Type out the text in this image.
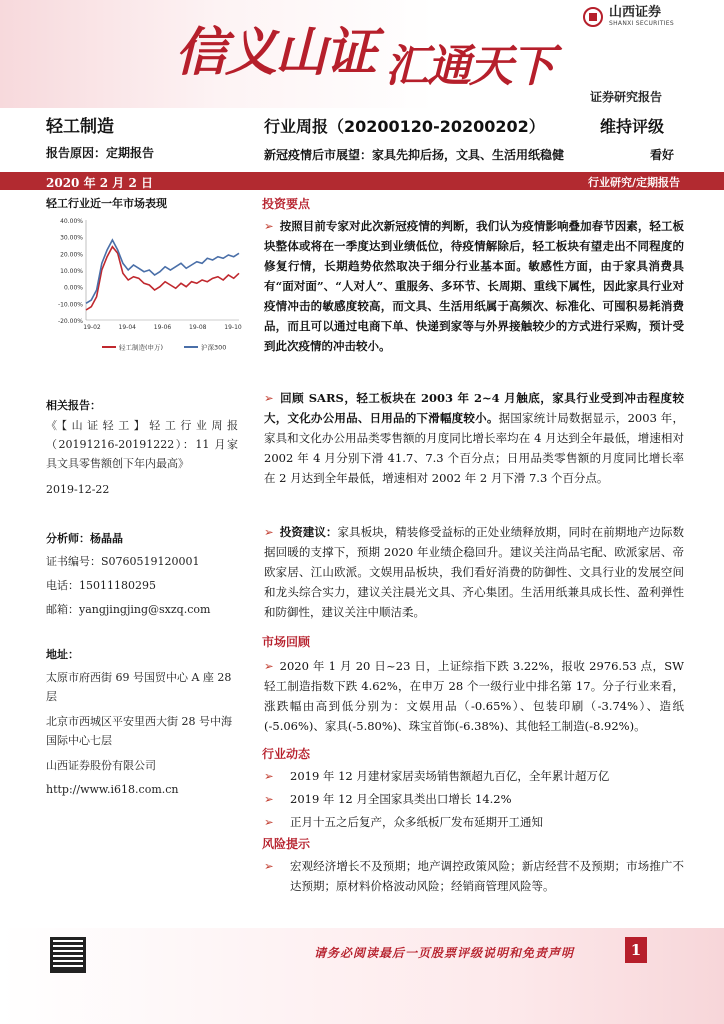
信义山证 汇通天下
山西证券
SHANXI SECURITIES
证券研究报告
轻工制造	行业周报（20200120-20200202）	维持评级
报告原因：定期报告	新冠疫情后市展望：家具先抑后扬，文具、生活用纸稳健	看好
2020 年 2 月 2 日	行业研究/定期报告
轻工行业近一年市场表现
40.00%
30.00%
20.00%
10.00%
0.00%
-10.00%
-20.00%
19-02	19-04	19-06	19-08	19-10
轻工制造(申万)	沪深300
相关报告：
《【山证轻工】轻工行业周报（20191216-20191222）：11 月家具文具零售额创下年内最高》
2019-12-22
分析师：杨晶晶
证书编号：S0760519120001
电话：15011180295
邮箱：yangjingjing@sxzq.com
地址：
太原市府西街 69 号国贸中心 A 座 28 层
北京市西城区平安里西大街 28 号中海国际中心七层
山西证券股份有限公司
http://www.i618.com.cn
投资要点
➢ 按照目前专家对此次新冠疫情的判断，我们认为疫情影响叠加春节因素，轻工板块整体或将在一季度达到业绩低位，待疫情解除后，轻工板块有望走出不同程度的修复行情，长期趋势依然取决于细分行业基本面。敏感性方面，由于家具消费具有“面对面”、“人对人”、重服务、多环节、长周期、重线下属性，因此家具行业对疫情冲击的敏感度较高，而文具、生活用纸属于高频次、标准化、可囤积易耗消费品，而且可以通过电商下单、快递到家等与外界接触较少的方式进行采购，预计受到此次疫情的冲击较小。
➢ 回顾 SARS，轻工板块在 2003 年 2~4 月触底，家具行业受到冲击程度较大，文化办公用品、日用品的下滑幅度较小。据国家统计局数据显示，2003 年，家具和文化办公用品类零售额的月度同比增长率均在 4 月达到全年最低，增速相对 2002 年 4 月分别下滑 41.7、7.3 个百分点；日用品类零售额的月度同比增长率在 2 月达到全年最低，增速相对 2002 年 2 月下滑 7.3 个百分点。
➢ 投资建议：家具板块，精装修受益标的正处业绩释放期，同时在前期地产边际数据回暖的支撑下，预期 2020 年业绩企稳回升。建议关注尚品宅配、欧派家居、帝欧家居、江山欧派。文娱用品板块，我们看好消费的防御性、文具行业的发展空间和龙头综合实力，建议关注晨光文具、齐心集团。生活用纸兼具成长性、盈利弹性和防御性，建议关注中顺洁柔。
市场回顾
➢ 2020 年 1 月 20 日~23 日，上证综指下跌 3.22%，报收 2976.53 点，SW 轻工制造指数下跌 4.62%，在申万 28 个一级行业中排名第 17。分子行业来看，涨跌幅由高到低分别为：文娱用品（-0.65%）、包装印刷（-3.74%）、造纸(-5.06%)、家具(-5.80%)、珠宝首饰(-6.38%)、其他轻工制造(-8.92%)。
行业动态
➢	2019 年 12 月建材家居卖场销售额超九百亿，全年累计超万亿
➢	2019 年 12 月全国家具类出口增长 14.2%
➢	正月十五之后复产，众多纸板厂发布延期开工通知
风险提示
➢	宏观经济增长不及预期；地产调控政策风险；新店经营不及预期；市场推广不达预期；原材料价格波动风险；经销商管理风险等。
请务必阅读最后一页股票评级说明和免责声明	1
